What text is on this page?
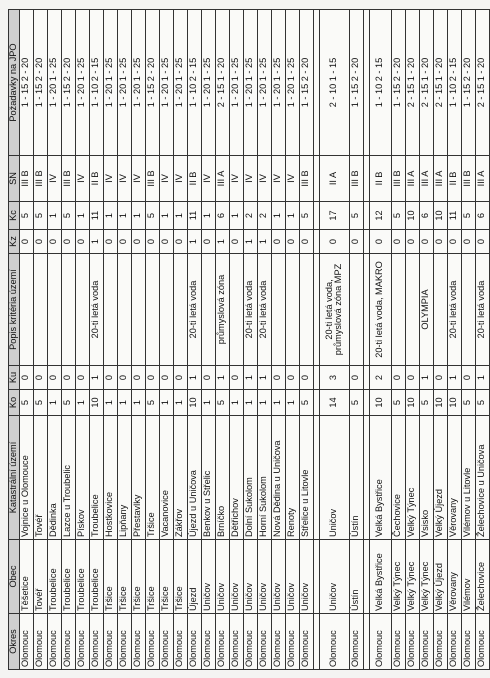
Okres	Obec	Katastrální území	Ko	Ku	Popis kritéria území	Kz	Kc	SN	Požadavky na JPO
Olomouc	Těšetice	Vojnice u Olomouce	5	0		0	5	III B	1 - 15 2 - 20
Olomouc	Tovéř	Tovéř	5	0		0	5	III B	1 - 15 2 - 20
Olomouc	Troubelice	Dědinka	1	0		0	1	IV	1 - 20 1 - 25
Olomouc	Troubelice	Lazce u Troubelic	5	0		0	5	III B	1 - 15 2 - 20
Olomouc	Troubelice	Pískov	1	0		0	1	IV	1 - 20 1 - 25
Olomouc	Troubelice	Troubelice	10	1	20-ti letá voda	1	11	II B	1 - 10 2 - 15
Olomouc	Tršice	Hostkovice	1	0		0	1	IV	1 - 20 1 - 25
Olomouc	Tršice	Lipňany	1	0		0	1	IV	1 - 20 1 - 25
Olomouc	Tršice	Přestavlky	1	0		0	1	IV	1 - 20 1 - 25
Olomouc	Tršice	Tršice	5	0		0	5	III B	1 - 15 2 - 20
Olomouc	Tršice	Vacanovice	1	0		0	1	IV	1 - 20 1 - 25
Olomouc	Tršice	Zákřov	1	0		0	1	IV	1 - 20 1 - 25
Olomouc	Újezd	Újezd u Uničova	10	1	20-ti letá voda	1	11	II B	1 - 10 2 - 15
Olomouc	Uničov	Benkov u Střelic	1	0		0	1	IV	1 - 20 1 - 25
Olomouc	Uničov	Brníčko	5	1	průmyslová zóna	1	6	III A	2 - 15 1 - 20
Olomouc	Uničov	Dětřichov	1	0		0	1	IV	1 - 20 1 - 25
Olomouc	Uničov	Dolní Sukolom	1	1	20-ti letá voda	1	2	IV	1 - 20 1 - 25
Olomouc	Uničov	Horní Sukolom	1	1	20-ti letá voda	1	2	IV	1 - 20 1 - 25
Olomouc	Uničov	Nová Dědina u Uničova	1	0		0	1	IV	1 - 20 1 - 25
Olomouc	Uničov	Renoty	1	0		0	1	IV	1 - 20 1 - 25
Olomouc	Uničov	Střelice u Litovle	5	0		0	5	III B	1 - 15 2 - 20

Olomouc	Uničov	Uničov	14	3	20-ti letá voda, průmyslová zóna MPZ	0	17	II A	2 - 10 1 - 15
Olomouc	Ústín	Ústín	5	0		0	5	III B	1 - 15 2 - 20

Olomouc	Velká Bystřice	Velká Bystřice	10	2	20-ti letá voda, MAKRO	0	12	II B	1 - 10 2 - 15
Olomouc	Velký Týnec	Čechovice	5	0		0	5	III B	1 - 15 2 - 20
Olomouc	Velký Týnec	Velký Týnec	10	0		0	10	III A	2 - 15 1 - 20
Olomouc	Velký Týnec	Vsisko	5	1	OLYMPIA	0	6	III A	2 - 15 1 - 20
Olomouc	Velký Újezd	Velký Újezd	10	0		0	10	III A	2 - 15 1 - 20
Olomouc	Věrovany	Věrovany	10	1	20-ti letá voda	0	11	II B	1 - 10 2 - 15
Olomouc	Vilémov	Vilémov u Litovle	5	0		0	5	III B	1 - 15 2 - 20
Olomouc	Želechovice	Želechovice u Uničova	5	1	20-ti letá voda	0	6	III A	2 - 15 1 - 20
